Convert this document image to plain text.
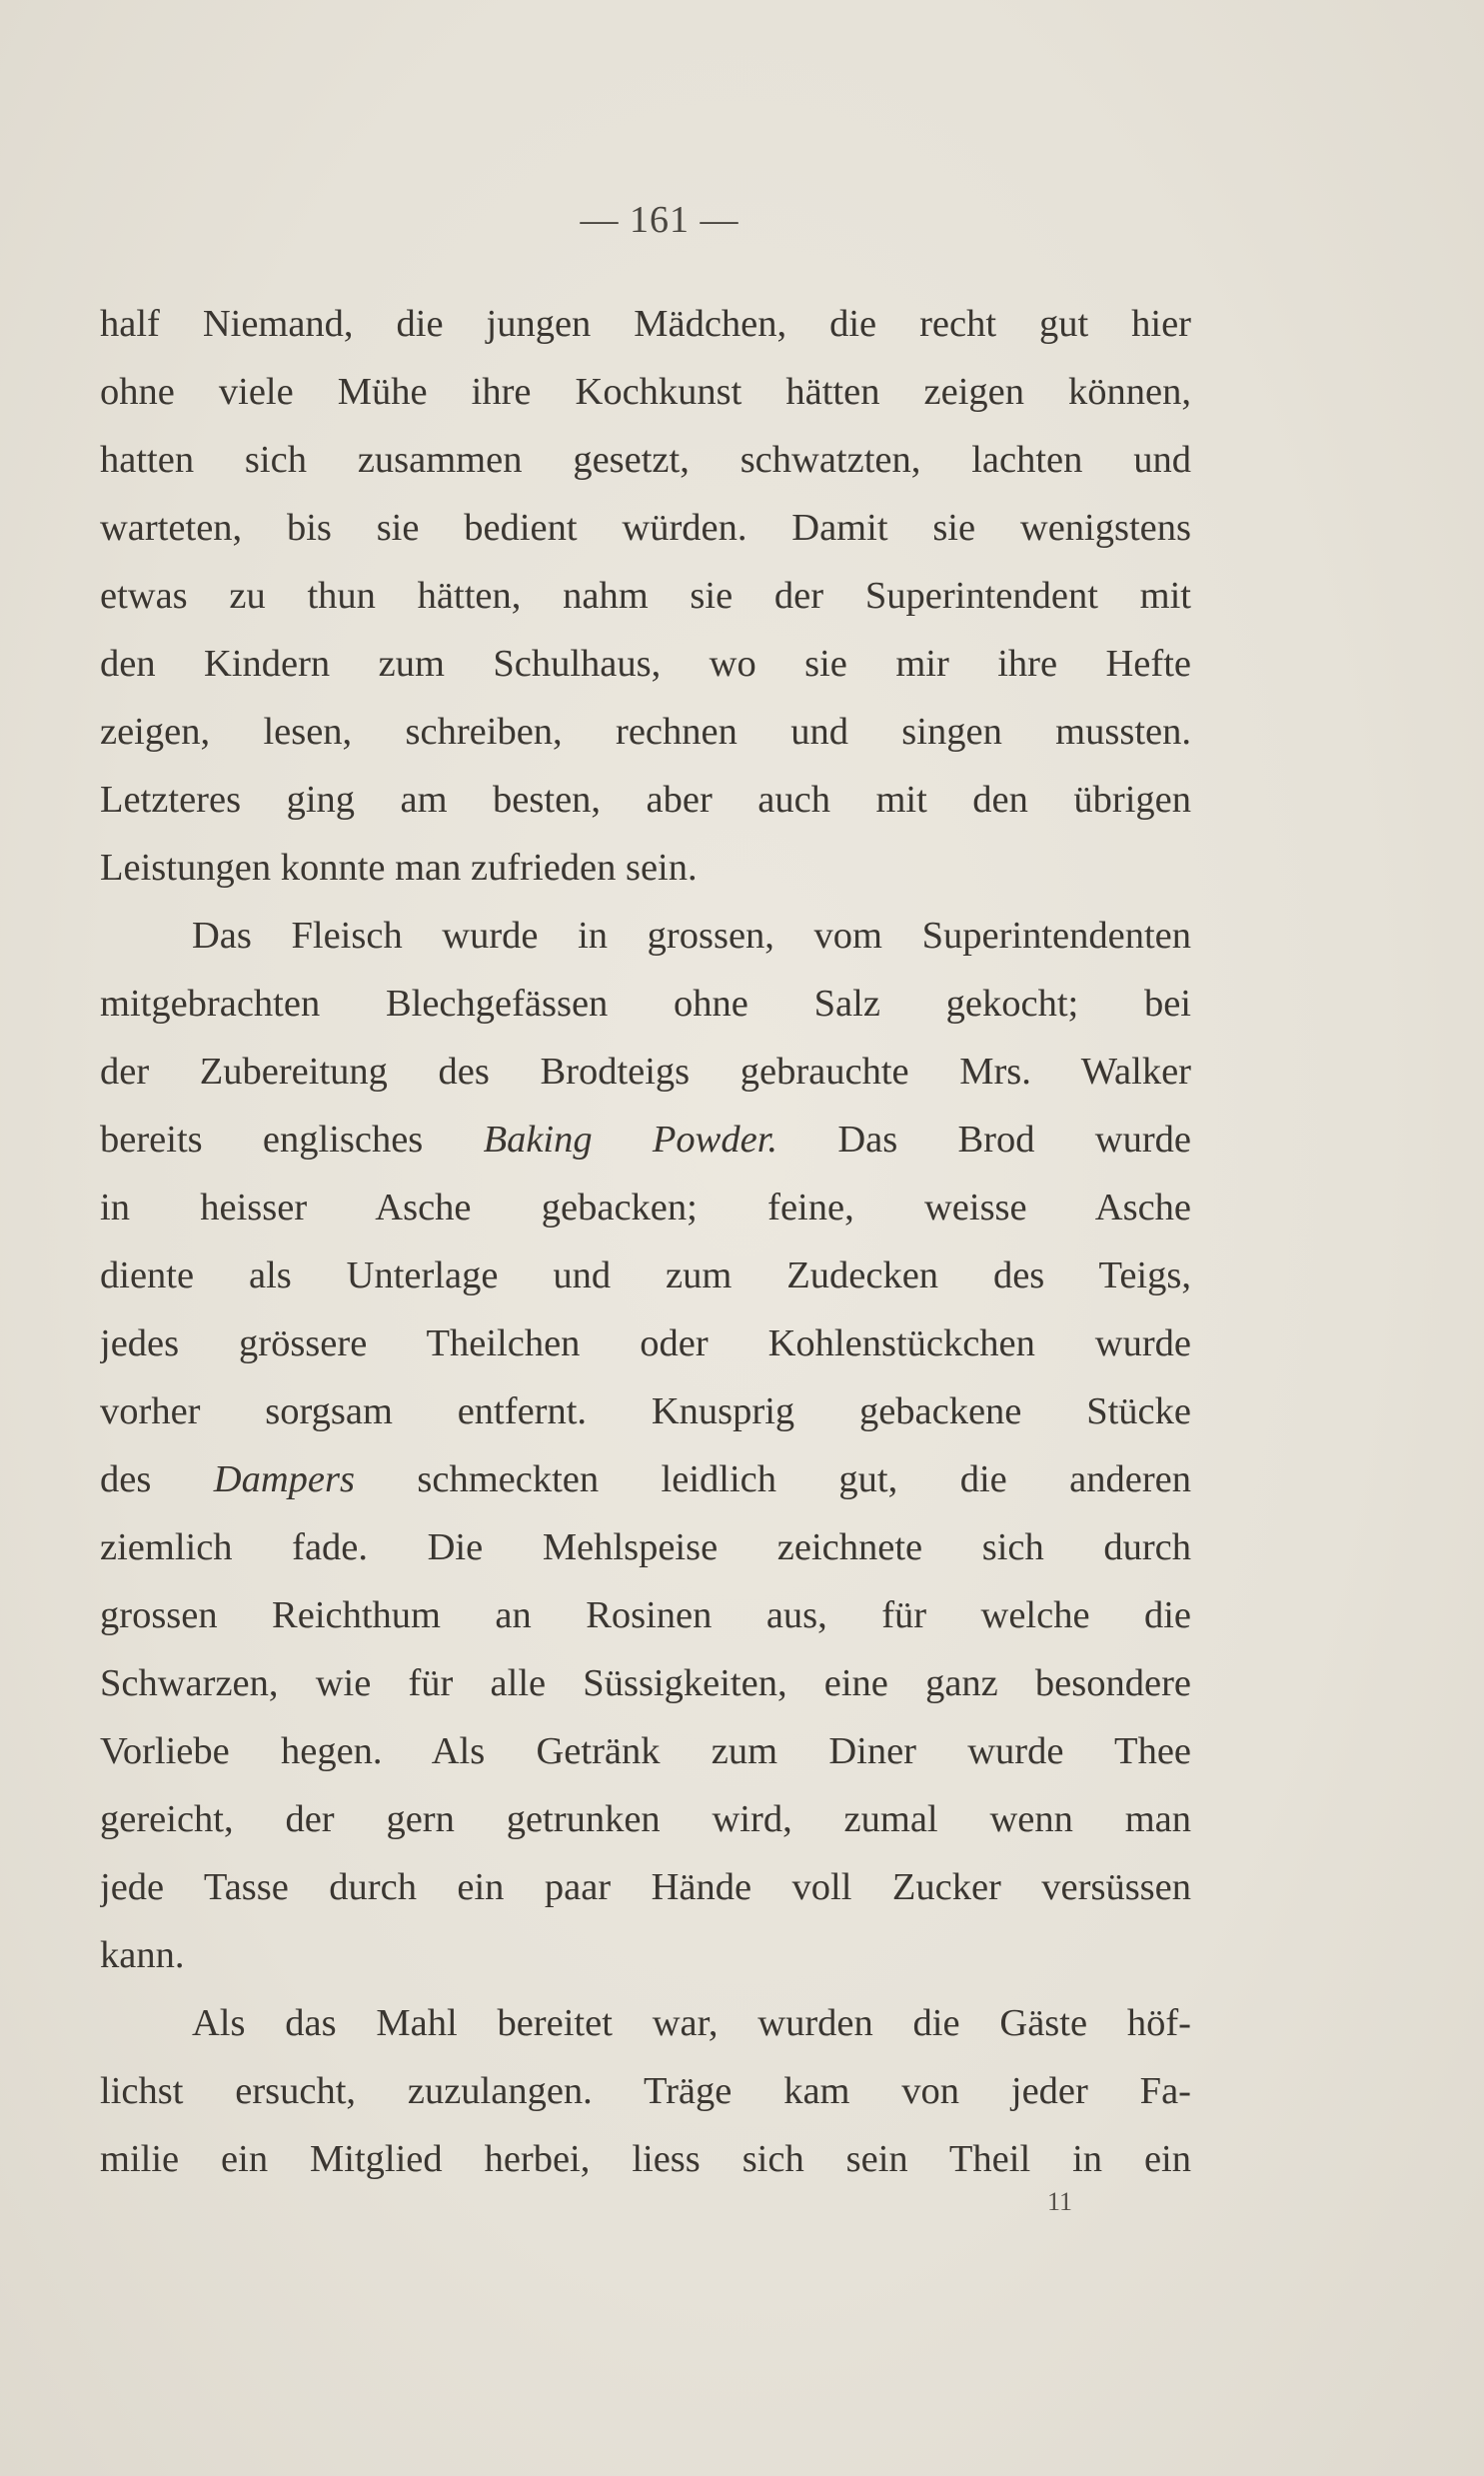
— 161 —
half Niemand, die jungen Mädchen, die recht gut hier
ohne viele Mühe ihre Kochkunst hätten zeigen können,
hatten sich zusammen gesetzt, schwatzten, lachten und
warteten, bis sie bedient würden. Damit sie wenigstens
etwas zu thun hätten, nahm sie der Superintendent mit
den Kindern zum Schulhaus, wo sie mir ihre Hefte
zeigen, lesen, schreiben, rechnen und singen mussten.
Letzteres ging am besten, aber auch mit den übrigen
Leistungen konnte man zufrieden sein.
Das Fleisch wurde in grossen, vom Superintendenten
mitgebrachten Blechgefässen ohne Salz gekocht; bei
der Zubereitung des Brodteigs gebrauchte Mrs. Walker
bereits englisches Baking Powder. Das Brod wurde
in heisser Asche gebacken; feine, weisse Asche
diente als Unterlage und zum Zudecken des Teigs,
jedes grössere Theilchen oder Kohlenstückchen wurde
vorher sorgsam entfernt. Knusprig gebackene Stücke
des Dampers schmeckten leidlich gut, die anderen
ziemlich fade. Die Mehlspeise zeichnete sich durch
grossen Reichthum an Rosinen aus, für welche die
Schwarzen, wie für alle Süssigkeiten, eine ganz besondere
Vorliebe hegen. Als Getränk zum Diner wurde Thee
gereicht, der gern getrunken wird, zumal wenn man
jede Tasse durch ein paar Hände voll Zucker versüssen
kann.
Als das Mahl bereitet war, wurden die Gäste höf-
lichst ersucht, zuzulangen. Träge kam von jeder Fa-
milie ein Mitglied herbei, liess sich sein Theil in ein
11
